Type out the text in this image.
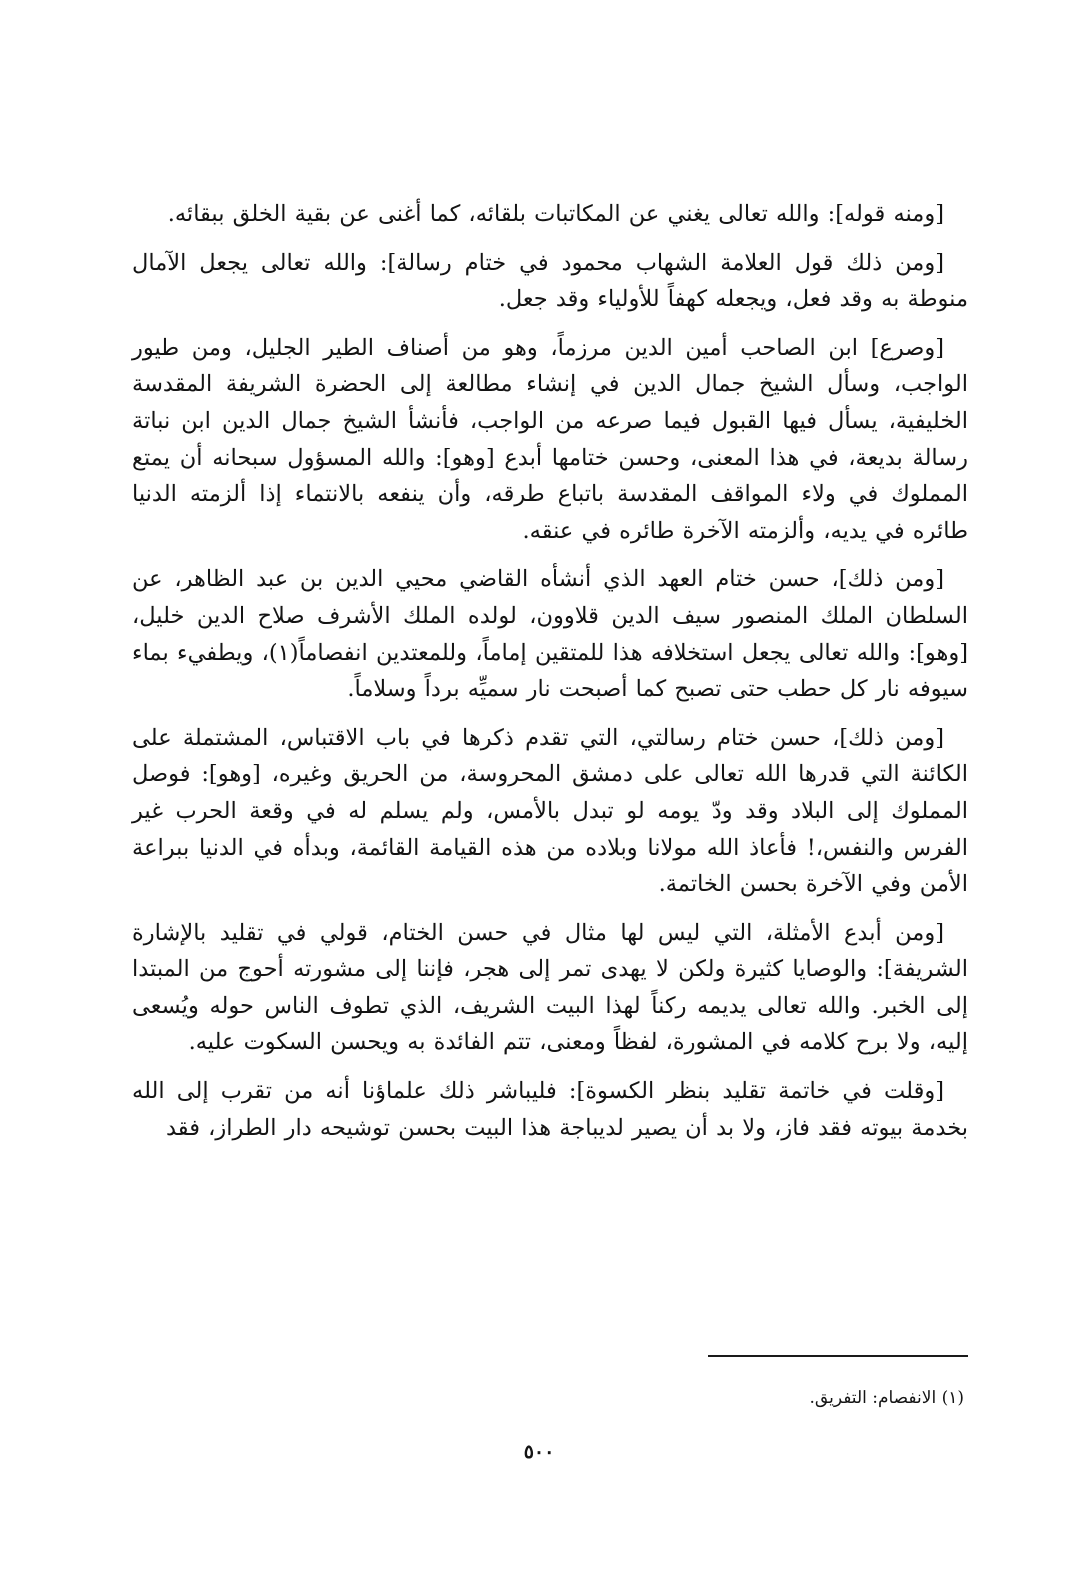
[ومنه قوله]: والله تعالى يغني عن المكاتبات بلقائه، كما أغنى عن بقية الخلق ببقائه.

[ومن ذلك قول العلامة الشهاب محمود في ختام رسالة]: والله تعالى يجعل الآمال منوطة به وقد فعل، ويجعله كهفاً للأولياء وقد جعل.

[وصرع] ابن الصاحب أمين الدين مرزماً، وهو من أصناف الطير الجليل، ومن طيور الواجب، وسأل الشيخ جمال الدين في إنشاء مطالعة إلى الحضرة الشريفة المقدسة الخليفية، يسأل فيها القبول فيما صرعه من الواجب، فأنشأ الشيخ جمال الدين ابن نباتة رسالة بديعة، في هذا المعنى، وحسن ختامها أبدع [وهو]: والله المسؤول سبحانه أن يمتع المملوك في ولاء المواقف المقدسة باتباع طرقه، وأن ينفعه بالانتماء إذا ألزمته الدنيا طائره في يديه، وألزمته الآخرة طائره في عنقه.

[ومن ذلك]، حسن ختام العهد الذي أنشأه القاضي محيي الدين بن عبد الظاهر، عن السلطان الملك المنصور سيف الدين قلاوون، لولده الملك الأشرف صلاح الدين خليل، [وهو]: والله تعالى يجعل استخلافه هذا للمتقين إماماً، وللمعتدين انفصاماً(١)، ويطفيء بماء سيوفه نار كل حطب حتى تصبح كما أصبحت نار سميِّه برداً وسلاماً.

[ومن ذلك]، حسن ختام رسالتي، التي تقدم ذكرها في باب الاقتباس، المشتملة على الكائنة التي قدرها الله تعالى على دمشق المحروسة، من الحريق وغيره، [وهو]: فوصل المملوك إلى البلاد وقد ودّ يومه لو تبدل بالأمس، ولم يسلم له في وقعة الحرب غير الفرس والنفس،! فأعاذ الله مولانا وبلاده من هذه القيامة القائمة، وبدأه في الدنيا ببراعة الأمن وفي الآخرة بحسن الخاتمة.

[ومن أبدع الأمثلة، التي ليس لها مثال في حسن الختام، قولي في تقليد بالإشارة الشريفة]: والوصايا كثيرة ولكن لا يهدى تمر إلى هجر، فإننا إلى مشورته أحوج من المبتدا إلى الخبر. والله تعالى يديمه ركناً لهذا البيت الشريف، الذي تطوف الناس حوله ويُسعى إليه، ولا برح كلامه في المشورة، لفظاً ومعنى، تتم الفائدة به ويحسن السكوت عليه.

[وقلت في خاتمة تقليد بنظر الكسوة]: فليباشر ذلك علماؤنا أنه من تقرب إلى الله بخدمة بيوته فقد فاز، ولا بد أن يصير لديباجة هذا البيت بحسن توشيحه دار الطراز، فقد

(١) الانفصام: التفريق.
٥٠٠
